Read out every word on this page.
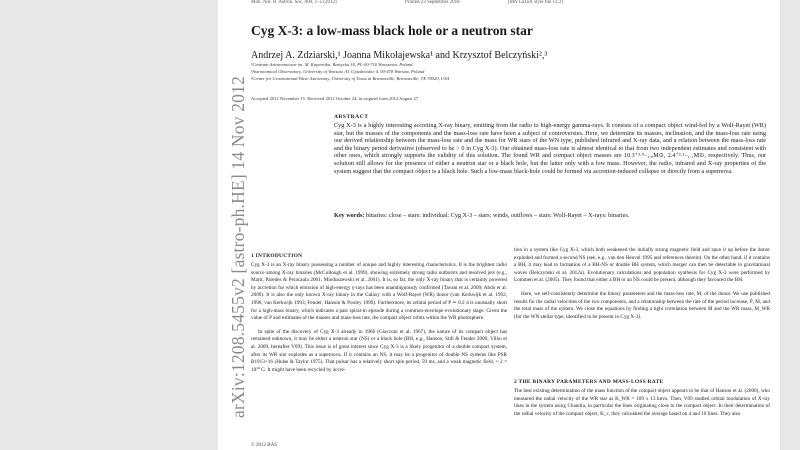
arXiv:1208.5455v2 [astro-ph.HE] 14 Nov 2012
Mon. Not. R. Astron. Soc. 000, 1–5 (2012)	Printed 23 September 2018	(MN LaTeX style file v2.2)
Cyg X-3: a low-mass black hole or a neutron star
Andrzej A. Zdziarski,¹ Joanna Mikołajewska¹ and Krzysztof Belczyński²,³
¹Centrum Astronomiczne im. M. Kopernika, Bartycka 18, PL-00-716 Warszawa, Poland
²Astronomical Observatory, University of Warsaw, Al. Ujazdowskie 4, 00-478 Warsaw, Poland
³Center for Gravitational Wave Astronomy, University of Texas at Brownsville, Brownsville, TX 78520, USA
Accepted 2012 November 15. Received 2012 October 24; in original form 2012 August 27
ABSTRACT
Cyg X-3 is a highly interesting accreting X-ray binary, emitting from the radio to high-energy gamma-rays. It consists of a compact object wind-fed by a Wolf-Rayet (WR) star, but the masses of the components and the mass-loss rate have been a subject of controversies. Here, we determine its masses, inclination, and the mass-loss rate using our derived relationship between the mass-loss rate and the mass for WR stars of the WN type, published infrared and X-ray data, and a relation between the mass-loss rate and the binary period derivative (observed to be > 0 in Cyg X-3). Our obtained mass-loss rate is almost identical to that from two independent estimates and consistent with other ones, which strongly supports the validity of this solution. The found WR and compact object masses are 10.3⁺³·⁹₋₂.₈M⊙, 2.4⁺²·¹₋₁.₁M⊙, respectively. Thus, our solution still allows for the presence of either a neutron star or a black hole, but the latter only with a low mass. However, the radio, infrared and X-ray properties of the system suggest that the compact object is a black hole. Such a low-mass black-hole could be formed via accretion-induced collapse or directly from a supernova.
Key words: binaries: close – stars: individual: Cyg X-3 – stars: winds, outflows – stars: Wolf-Rayet – X-rays: binaries.
1 INTRODUCTION

Cyg X-3 is an X-ray binary possessing a number of unique and highly interesting characteristics. It is the brightest radio source among X-ray binaries (McCollough et al. 1999), showing extremely strong radio outbursts and resolved jets (e.g., Martí, Paredes & Peracaula 2001; Mioduszewski et al. 2001). It is, so far, the only X-ray binary that is certainly powered by accretion for which emission of high-energy γ-rays has been unambiguously confirmed (Tavani et al. 2009; Abdo et al. 2009). It is also the only known X-ray binary in the Galaxy with a Wolf-Rayet (WR) donor (van Kerkwijk et al. 1992, 1996; van Kerkwijk 1993; Fender, Hanson & Pooley 1999). Furthermore, its orbital period of P ≃ 0.2 d is unusually short for a high-mass binary, which indicates a past spiral-in episode during a common-envelope evolutionary stage. Given the value of P and estimates of the masses and mass-loss rate, the compact object orbits within the WR photosphere.

In spite of the discovery of Cyg X-3 already in 1966 (Giacconi et al. 1967), the nature of its compact object has remained unknown, it may be either a neutron star (NS) or a black hole (BH, e.g., Hanson, Still & Fender 2000; Vilhu et al. 2009, hereafter V09). This issue is of great interest since Cyg X-3 is a likely progenitor of a double compact system, after its WR star explodes as a supernova. If it contains an NS, it may be a progenitor of double NS systems like PSR B1913+16 (Hulse & Taylor 1975). That pulsar has a relatively short spin period, 59 ms, and a weak magnetic field, ≈ 2 × 10¹⁰ G. It might have been recycled by accre-

tion in a system like Cyg X-3, which both weakened the initially strong magnetic field and spun it up before the donor exploded and formed a second NS (see, e.g., van den Heuvel 1995 and references therein). On the other hand, if it contains a BH, it may lead to formation of a BH-NS or double BH system, which merger can then be detectable in gravitational waves (Belczyński et al. 2012a). Evolutionary calculations and population synthesis for Cyg X-3 were performed by Lommen et al. (2005). They found that either a BH or an NS could be present, although they favoured the BH.

Here, we self-consistently determine the binary parameters and the mass-loss rate, Ṁ, of the donor. We use published results for the radial velocities of the two components, and a relationship between the rate of the period increase, Ṗ, Ṁ, and the total mass of the system. We close the equations by finding a tight correlation between Ṁ and the WR mass, M_WR (for the WN stellar type, identified to be present in Cyg X-3).

2 THE BINARY PARAMETERS AND MASS-LOSS RATE

The best existing determination of the mass function of the compact object appears to be that of Hanson et al. (2000), who measured the radial velocity of the WR star as K_WR = 109 ± 13 km/s. Then, V09 studied orbital modulation of X-ray lines in the system using Chandra, in particular the lines originating close to the compact object. In their determination of the radial velocity of the compact object, K_c, they calculated the average based on 4 and 10 lines. They also

© 2012 RAS
